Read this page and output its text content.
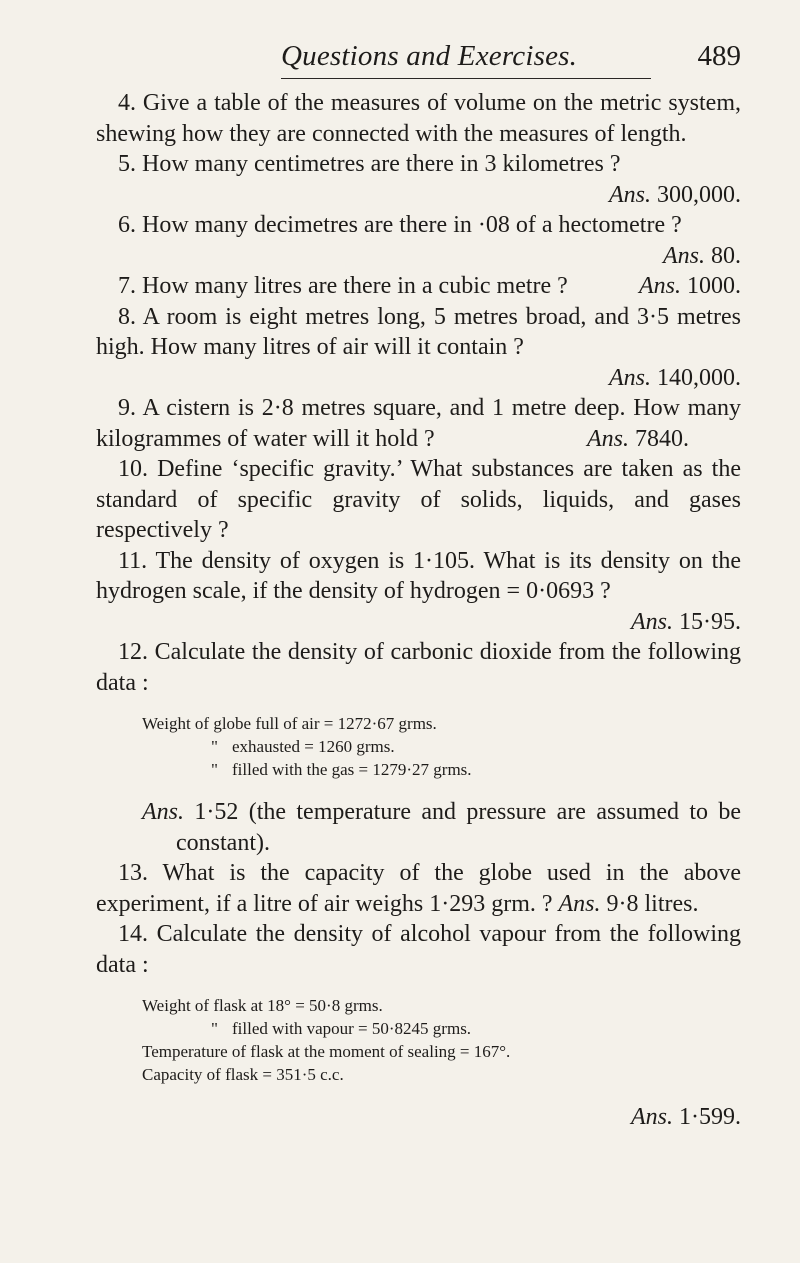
Questions and Exercises.	489

4. Give a table of the measures of volume on the metric system, shewing how they are connected with the measures of length.

5. How many centimetres are there in 3 kilometres ?

Ans. 300,000.

6. How many decimetres are there in ·08 of a hectometre ?

Ans. 80.

7. How many litres are there in a cubic metre ?	Ans. 1000.

8. A room is eight metres long, 5 metres broad, and 3·5 metres high. How many litres of air will it contain ?

Ans. 140,000.

9. A cistern is 2·8 metres square, and 1 metre deep. How many kilogrammes of water will it hold ?	Ans. 7840.

10. Define ‘specific gravity.’ What substances are taken as the standard of specific gravity of solids, liquids, and gases respectively ?

11. The density of oxygen is 1·105. What is its density on the hydrogen scale, if the density of hydrogen = 0·0693 ?

Ans. 15·95.

12. Calculate the density of carbonic dioxide from the following data :

Weight of globe full of air = 1272·67 grms.
" exhausted = 1260 grms.
" filled with the gas = 1279·27 grms.

Ans. 1·52 (the temperature and pressure are assumed to be constant).

13. What is the capacity of the globe used in the above experiment, if a litre of air weighs 1·293 grm. ? Ans. 9·8 litres.

14. Calculate the density of alcohol vapour from the following data :

Weight of flask at 18° = 50·8 grms.
" filled with vapour = 50·8245 grms.
Temperature of flask at the moment of sealing = 167°.
Capacity of flask = 351·5 c.c.

Ans. 1·599.
